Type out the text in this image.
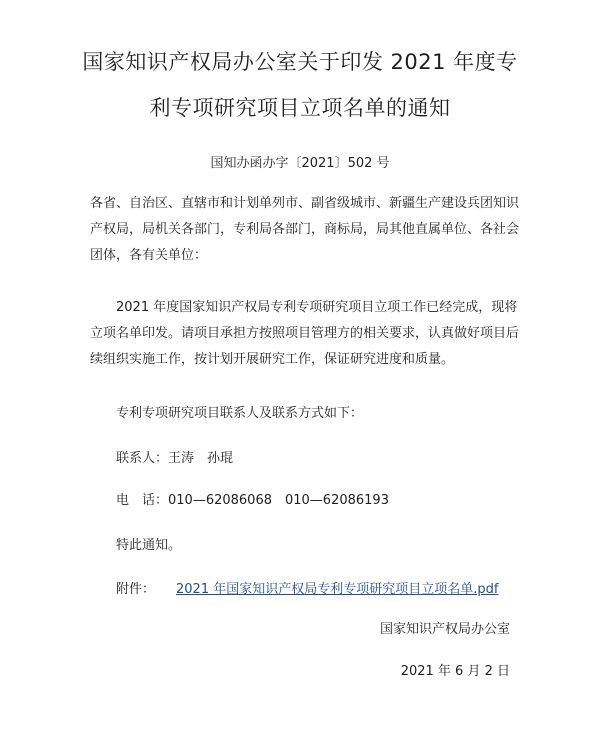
国家知识产权局办公室关于印发 2021 年度专
利专项研究项目立项名单的通知
国知办函办字〔2021〕502 号
各省、自治区、直辖市和计划单列市、副省级城市、新疆生产建设兵团知识产权局，局机关各部门，专利局各部门，商标局，局其他直属单位、各社会团体，各有关单位：
2021 年度国家知识产权局专利专项研究项目立项工作已经完成，现将立项名单印发。请项目承担方按照项目管理方的相关要求，认真做好项目后续组织实施工作，按计划开展研究工作，保证研究进度和质量。
专利专项研究项目联系人及联系方式如下：
联系人：王涛　孙琨
电　话：010—62086068　010—62086193
特此通知。
附件： 2021 年国家知识产权局专利专项研究项目立项名单.pdf
国家知识产权局办公室
2021 年 6 月 2 日
